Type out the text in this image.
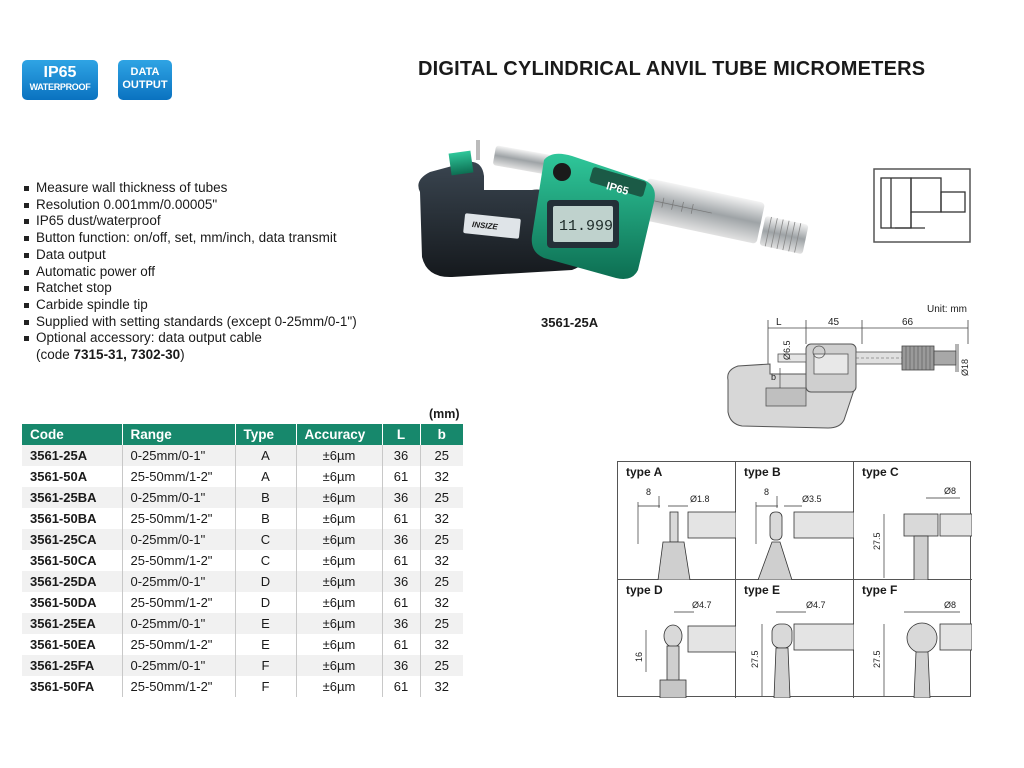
IP65
WATERPROOF
DATA
OUTPUT
DIGITAL CYLINDRICAL ANVIL TUBE MICROMETERS
Measure wall thickness of tubes
Resolution 0.001mm/0.00005"
IP65 dust/waterproof
Button function: on/off, set, mm/inch, data transmit
Data output
Automatic power off
Ratchet stop
Carbide spindle tip
Supplied with setting standards (except 0-25mm/0-1")
Optional accessory: data output cable
(code 7315-31, 7302-30)
IP65
11.999
INSIZE
3561-25A
Unit: mm
L	45	66
Ø6.5
Ø18
b
(mm)
Code	Range	Type	Accuracy	L	b
3561-25A	0-25mm/0-1"	A	±6µm	36	25
3561-50A	25-50mm/1-2"	A	±6µm	61	32
3561-25BA	0-25mm/0-1"	B	±6µm	36	25
3561-50BA	25-50mm/1-2"	B	±6µm	61	32
3561-25CA	0-25mm/0-1"	C	±6µm	36	25
3561-50CA	25-50mm/1-2"	C	±6µm	61	32
3561-25DA	0-25mm/0-1"	D	±6µm	36	25
3561-50DA	25-50mm/1-2"	D	±6µm	61	32
3561-25EA	0-25mm/0-1"	E	±6µm	36	25
3561-50EA	25-50mm/1-2"	E	±6µm	61	32
3561-25FA	0-25mm/0-1"	F	±6µm	36	25
3561-50FA	25-50mm/1-2"	F	±6µm	61	32
type A
8
Ø1.8
type B
8
Ø3.5
type C
Ø8
27.5
type D
Ø4.7
16
type E
Ø4.7
27.5
type F
Ø8
27.5
